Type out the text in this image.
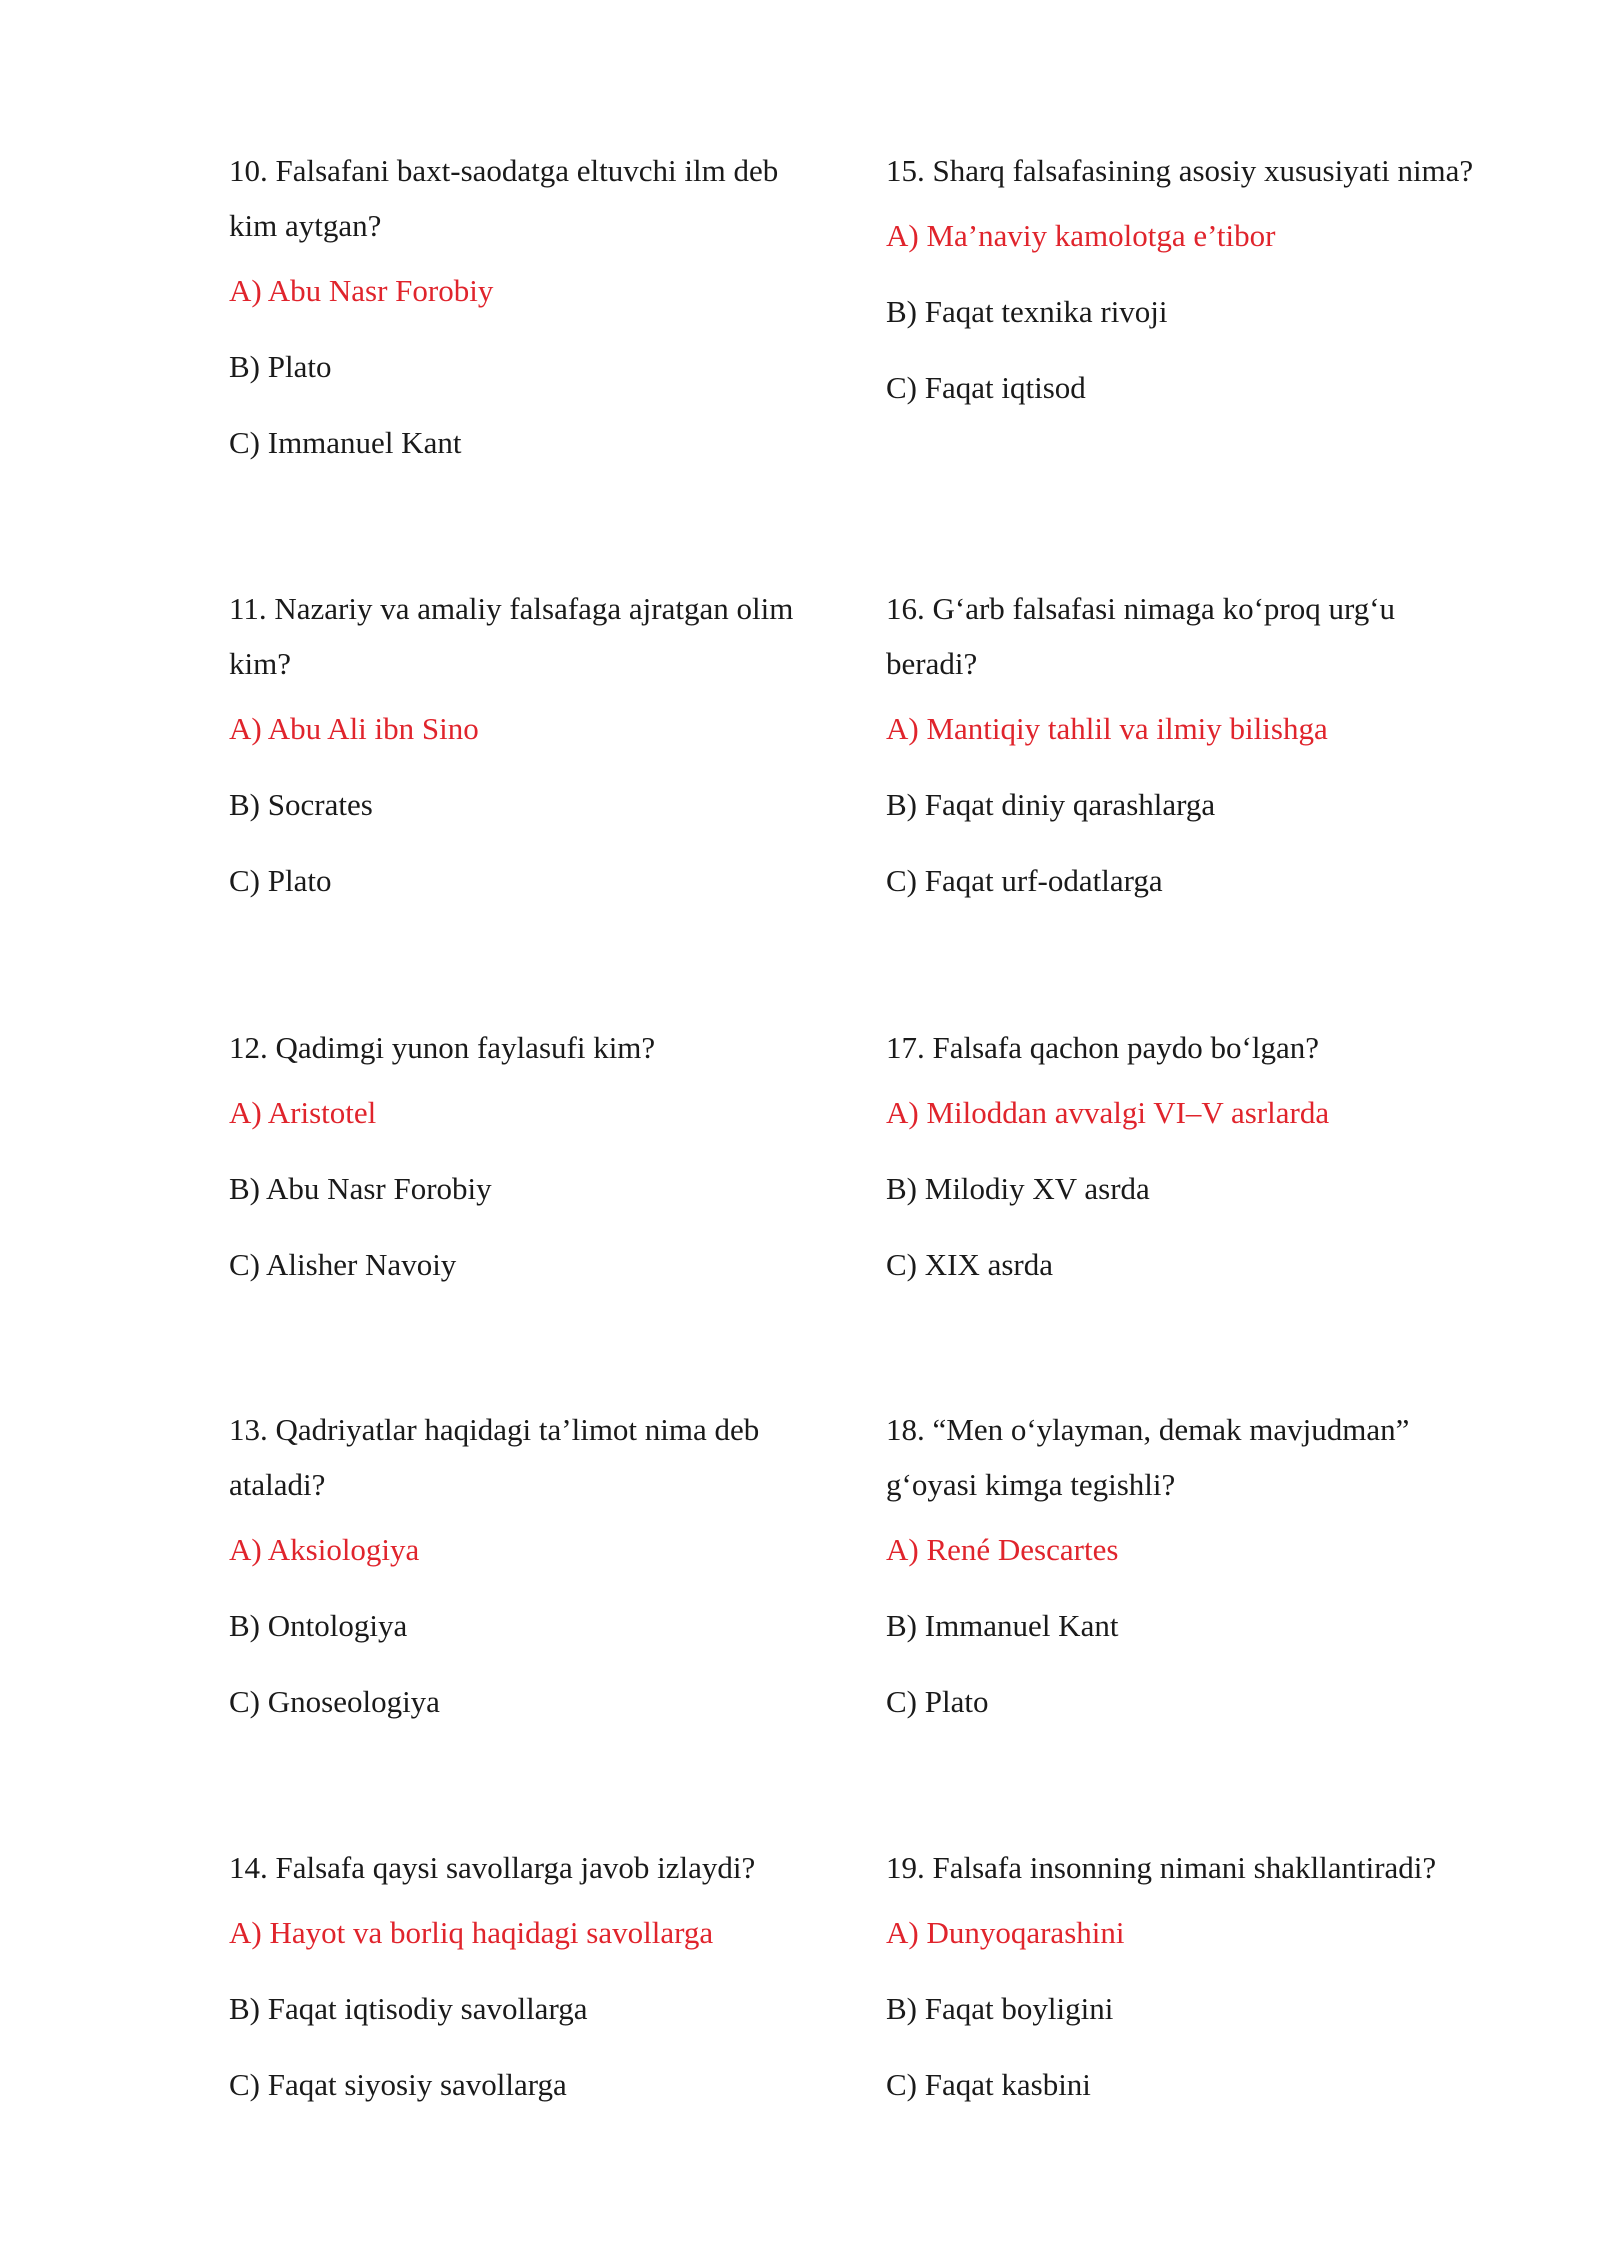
10. Falsafani baxt-saodatga eltuvchi ilm deb kim aytgan?

A) Abu Nasr Forobiy

B) Plato

C) Immanuel Kant

11. Nazariy va amaliy falsafaga ajratgan olim kim?

A) Abu Ali ibn Sino

B) Socrates

C) Plato

12. Qadimgi yunon faylasufi kim?

A) Aristotel

B) Abu Nasr Forobiy

C) Alisher Navoiy

13. Qadriyatlar haqidagi ta’limot nima deb ataladi?

A) Aksiologiya

B) Ontologiya

C) Gnoseologiya

14. Falsafa qaysi savollarga javob izlaydi?

A) Hayot va borliq haqidagi savollarga

B) Faqat iqtisodiy savollarga

C) Faqat siyosiy savollarga

15. Sharq falsafasining asosiy xususiyati nima?

A) Ma’naviy kamolotga e’tibor

B) Faqat texnika rivoji

C) Faqat iqtisod

16. G‘arb falsafasi nimaga ko‘proq urg‘u beradi?

A) Mantiqiy tahlil va ilmiy bilishga

B) Faqat diniy qarashlarga

C) Faqat urf-odatlarga

17. Falsafa qachon paydo bo‘lgan?

A) Miloddan avvalgi VI–V asrlarda

B) Milodiy XV asrda

C) XIX asrda

18. “Men o‘ylayman, demak mavjudman” g‘oyasi kimga tegishli?

A) René Descartes

B) Immanuel Kant

C) Plato

19. Falsafa insonning nimani shakllantiradi?

A) Dunyoqarashini

B) Faqat boyligini

C) Faqat kasbini
